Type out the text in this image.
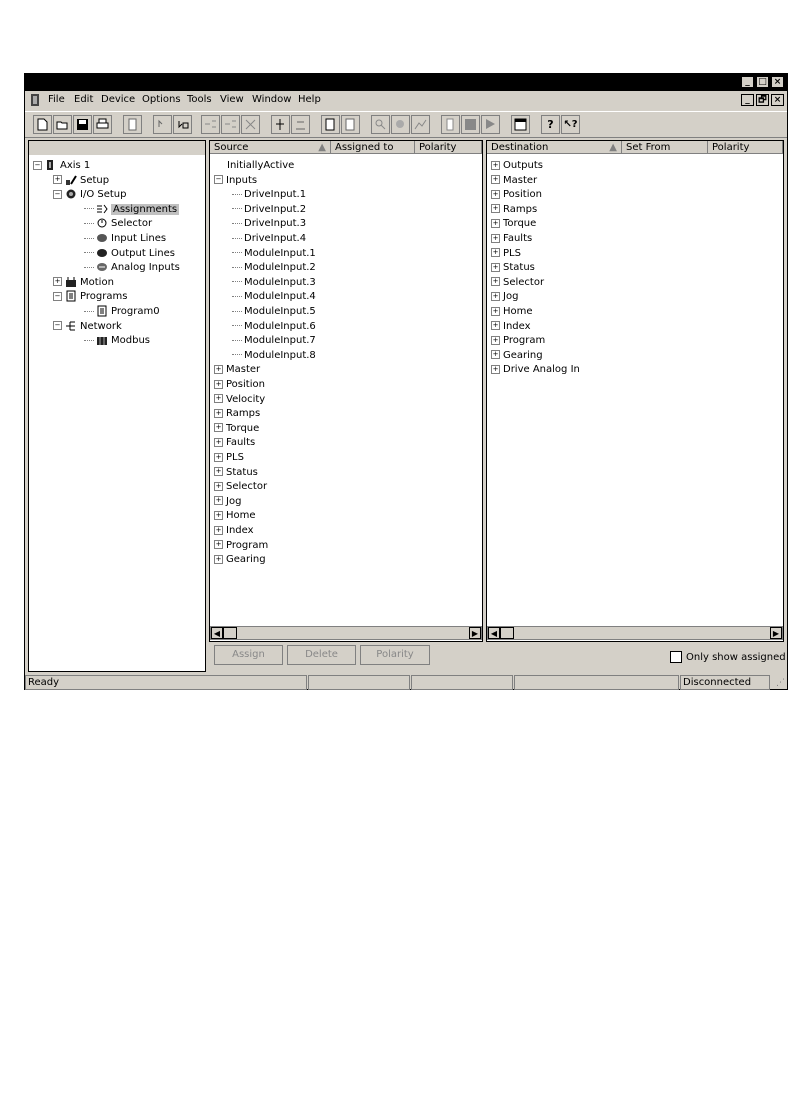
_ □ ×
File Edit Device Options Tools View Window Help	_ 🗗 ×
? ↖?
− Axis 1
+ Setup
− I/O Setup
Assignments
Selector
Input Lines
Output Lines
Analog Inputs
+ Motion
− Programs
Program0
− Network
Modbus
Source	▲ Assigned to	Polarity
InitiallyActive
− Inputs
DriveInput.1
DriveInput.2
DriveInput.3
DriveInput.4
ModuleInput.1
ModuleInput.2
ModuleInput.3
ModuleInput.4
ModuleInput.5
ModuleInput.6
ModuleInput.7
ModuleInput.8
+ Master
+ Position
+ Velocity
+ Ramps
+ Torque
+ Faults
+ PLS
+ Status
+ Selector
+ Jog
+ Home
+ Index
+ Program
+ Gearing
◀	▶
Destination	▲ Set From	Polarity
+ Outputs
+ Master
+ Position
+ Ramps
+ Torque
+ Faults
+ PLS
+ Status
+ Selector
+ Jog
+ Home
+ Index
+ Program
+ Gearing
+ Drive Analog In
◀	▶
Assign	Delete	Polarity	Only show assigned
Ready	Disconnected	⋰
